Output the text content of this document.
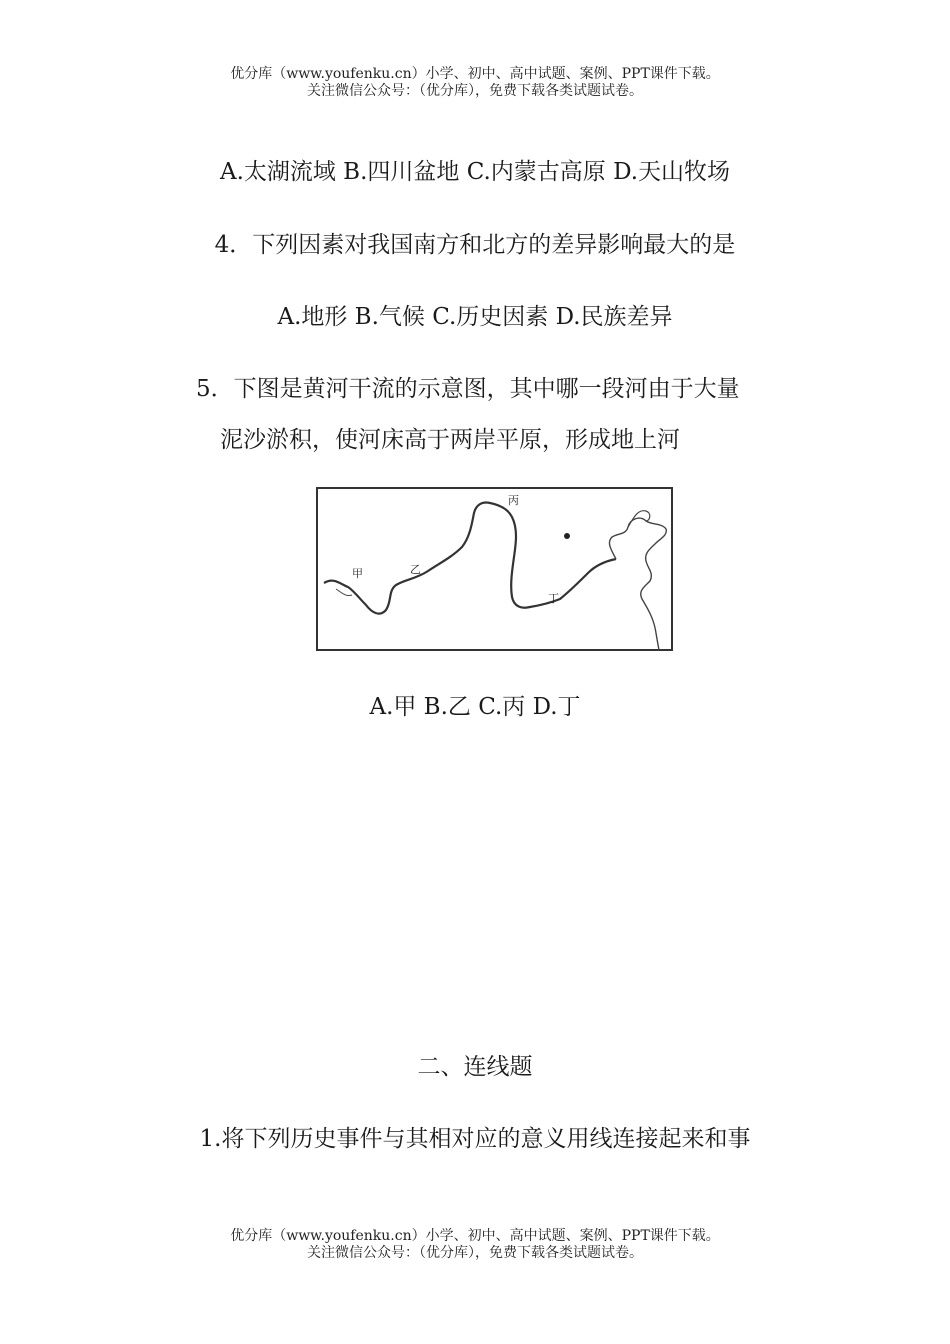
优分库（www.youfenku.cn）小学、初中、高中试题、案例、PPT课件下载。
关注微信公众号：（优分库），免费下载各类试题试卷。
A.太湖流域 B.四川盆地 C.内蒙古高原 D.天山牧场
4．下列因素对我国南方和北方的差异影响最大的是
A.地形 B.气候 C.历史因素 D.民族差异
5．下图是黄河干流的示意图，其中哪一段河由于大量
泥沙淤积，使河床高于两岸平原，形成地上河
甲	乙
丙
丁
A.甲 B.乙 C.丙 D.丁
二、连线题
1.将下列历史事件与其相对应的意义用线连接起来和事
优分库（www.youfenku.cn）小学、初中、高中试题、案例、PPT课件下载。
关注微信公众号：（优分库），免费下载各类试题试卷。
